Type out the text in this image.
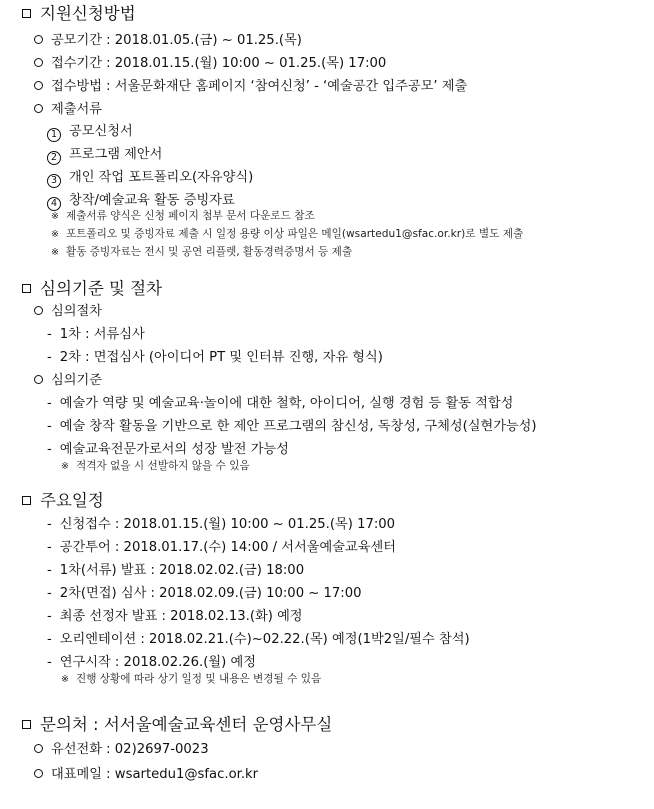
지원신청방법
공모기간 : 2018.01.05.(금) ~ 01.25.(목)
접수기간 : 2018.01.15.(월) 10:00 ~ 01.25.(목) 17:00
접수방법 : 서울문화재단 홈페이지 ‘참여신청’ - ‘예술공간 입주공모’ 제출
제출서류
1 공모신청서
2 프로그램 제안서
3 개인 작업 포트폴리오(자유양식)
4 창작/예술교육 활동 증빙자료
※ 제출서류 양식은 신청 페이지 첨부 문서 다운로드 참조
※ 포트폴리오 및 증빙자료 제출 시 일정 용량 이상 파일은 메일(wsartedu1@sfac.or.kr)로 별도 제출
※ 활동 증빙자료는 전시 및 공연 리플렛, 활동경력증명서 등 제출
심의기준 및 절차
심의절차
- 1차 : 서류심사
- 2차 : 면접심사 (아이디어 PT 및 인터뷰 진행, 자유 형식)
심의기준
- 예술가 역량 및 예술교육·놀이에 대한 철학, 아이디어, 실행 경험 등 활동 적합성
- 예술 창작 활동을 기반으로 한 제안 프로그램의 참신성, 독창성, 구체성(실현가능성)
- 예술교육전문가로서의 성장 발전 가능성
※ 적격자 없을 시 선발하지 않을 수 있음
주요일정
- 신청접수 : 2018.01.15.(월) 10:00 ~ 01.25.(목) 17:00
- 공간투어 : 2018.01.17.(수) 14:00 / 서서울예술교육센터
- 1차(서류) 발표 : 2018.02.02.(금) 18:00
- 2차(면접) 심사 : 2018.02.09.(금) 10:00 ~ 17:00
- 최종 선정자 발표 : 2018.02.13.(화) 예정
- 오리엔테이션 : 2018.02.21.(수)~02.22.(목) 예정(1박2일/필수 참석)
- 연구시작 : 2018.02.26.(월) 예정
※ 진행 상황에 따라 상기 일정 및 내용은 변경될 수 있음
문의처 : 서서울예술교육센터 운영사무실
유선전화 : 02)2697-0023
대표메일 : wsartedu1@sfac.or.kr
